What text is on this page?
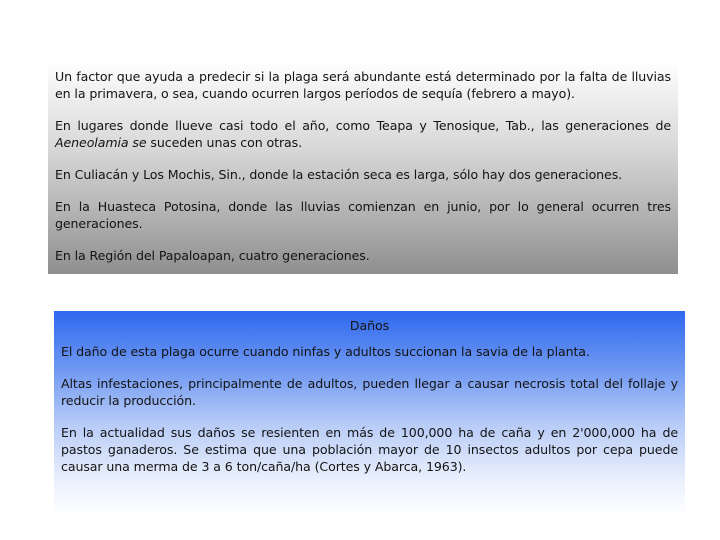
Un factor que ayuda a predecir si la plaga será abundante está determinado por la falta de lluvias en la primavera, o sea, cuando ocurren largos períodos de sequía (febrero a mayo).

En lugares donde llueve casi todo el año, como Teapa y Tenosique, Tab., las generaciones de Aeneolamia se suceden unas con otras.

En Culiacán y Los Mochis, Sin., donde la estación seca es larga, sólo hay dos generaciones.

En la Huasteca Potosina, donde las lluvias comienzan en junio, por lo general ocurren tres generaciones.

En la Región del Papaloapan, cuatro generaciones.

Daños

El daño de esta plaga ocurre cuando ninfas y adultos succionan la savia de la planta.

Altas infestaciones, principalmente de adultos, pueden llegar a causar necrosis total del follaje y reducir la producción.

En la actualidad sus daños se resienten en más de 100,000 ha de caña y en 2'000,000 ha de pastos ganaderos. Se estima que una población mayor de 10 insectos adultos por cepa puede causar una merma de 3 a 6 ton/caña/ha (Cortes y Abarca, 1963).
